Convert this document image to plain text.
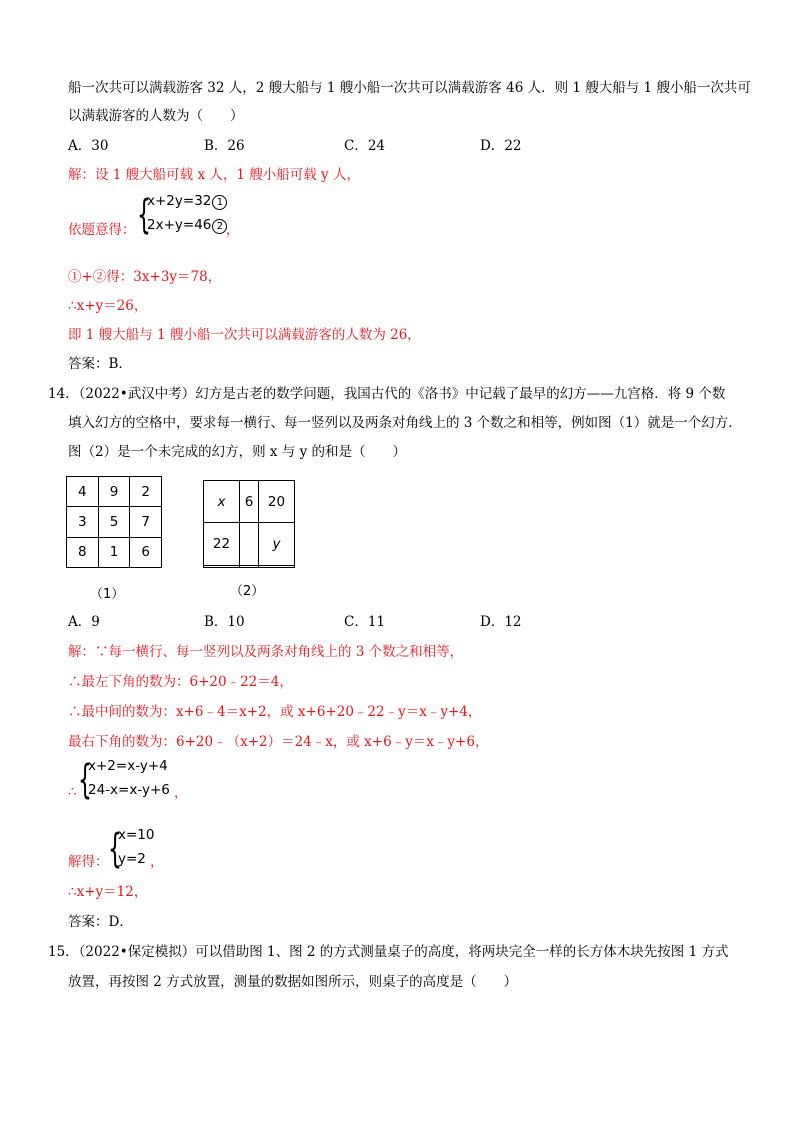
船一次共可以满载游客 32 人，2 艘大船与 1 艘小船一次共可以满载游客 46 人．则 1 艘大船与 1 艘小船一次共可
以满载游客的人数为（　　）
A．30	B．26	C．24	D．22
解：设 1 艘大船可载 x 人，1 艘小船可载 y 人，
依题意得： {
x+2y=32 1
2x+y=46 2 ，
①+②得：3x+3y＝78，
∴x+y＝26，
即 1 艘大船与 1 艘小船一次共可以满载游客的人数为 26，
答案：B．
14．（2022•武汉中考）幻方是古老的数学问题，我国古代的《洛书》中记载了最早的幻方——九宫格．将 9 个数
填入幻方的空格中，要求每一横行、每一竖列以及两条对角线上的 3 个数之和相等，例如图（1）就是一个幻方．
图（2）是一个未完成的幻方，则 x 与 y 的和是（　　）
4	9	2
3	5	7
8	1	6
（1）
x	6	20
22		y

（2）
A．9	B．10	C．11	D．12
解：∵每一横行、每一竖列以及两条对角线上的 3 个数之和相等，
∴最左下角的数为：6+20﹣22＝4，
∴最中间的数为：x+6﹣4＝x+2，或 x+6+20﹣22﹣y＝x﹣y+4，
最右下角的数为：6+20﹣（x+2）＝24﹣x，或 x+6﹣y＝x﹣y+6，
∴ {
x+2=x-y+4
24-x=x-y+6 ，
解得： {
x=10
y=2 ，
∴x+y＝12，
答案：D．
15．（2022•保定模拟）可以借助图 1、图 2 的方式测量桌子的高度，将两块完全一样的长方体木块先按图 1 方式
放置，再按图 2 方式放置，测量的数据如图所示，则桌子的高度是（　　）
